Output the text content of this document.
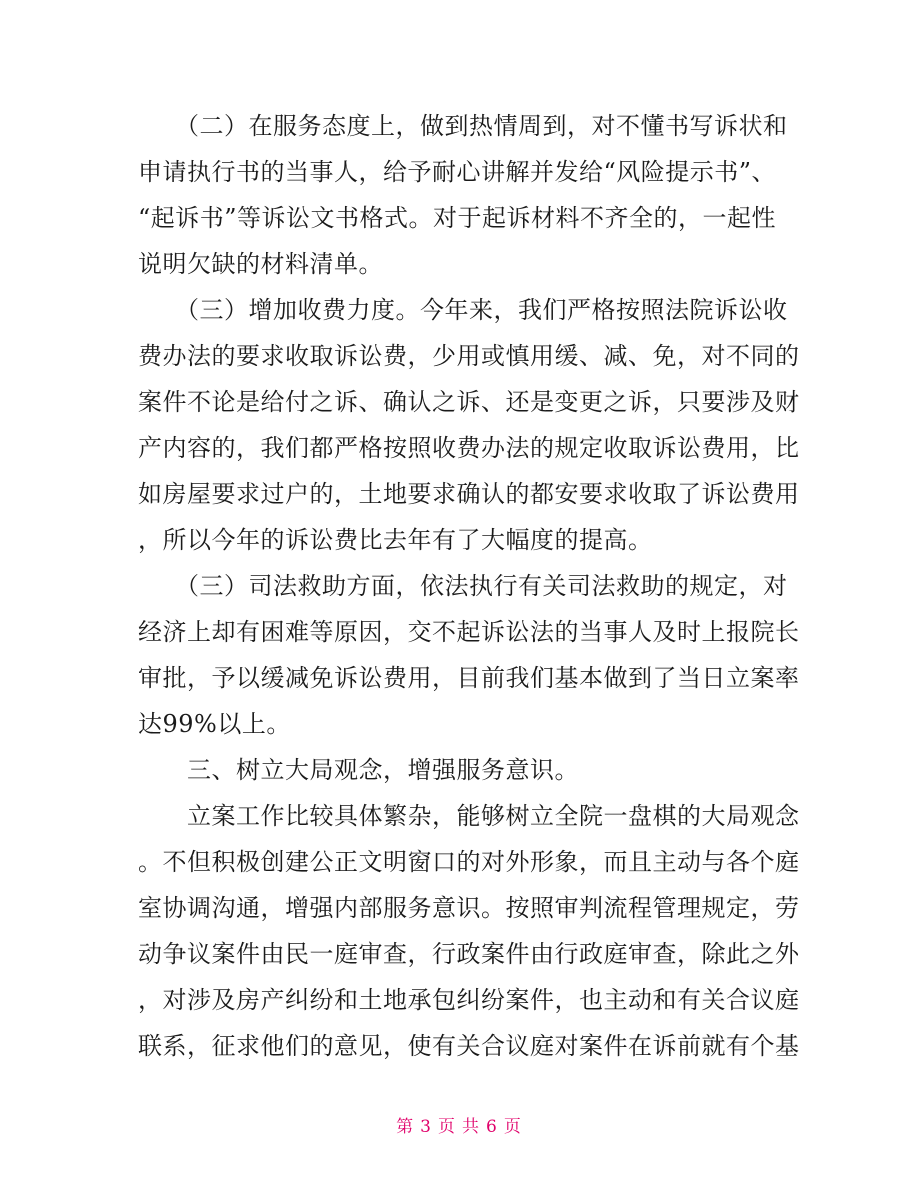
　　（二）在服务态度上，做到热情周到，对不懂书写诉状和
申请执行书的当事人，给予耐心讲解并发给“风险提示书”、
“起诉书”等诉讼文书格式。对于起诉材料不齐全的，一起性
说明欠缺的材料清单。
　　（三）增加收费力度。今年来，我们严格按照法院诉讼收
费办法的要求收取诉讼费，少用或慎用缓、减、免，对不同的
案件不论是给付之诉、确认之诉、还是变更之诉，只要涉及财
产内容的，我们都严格按照收费办法的规定收取诉讼费用，比
如房屋要求过户的，土地要求确认的都安要求收取了诉讼费用
，所以今年的诉讼费比去年有了大幅度的提高。
　　（三）司法救助方面，依法执行有关司法救助的规定，对
经济上却有困难等原因，交不起诉讼法的当事人及时上报院长
审批，予以缓减免诉讼费用，目前我们基本做到了当日立案率
达99%以上。
　　三、树立大局观念，增强服务意识。
　　立案工作比较具体繁杂，能够树立全院一盘棋的大局观念
。不但积极创建公正文明窗口的对外形象，而且主动与各个庭
室协调沟通，增强内部服务意识。按照审判流程管理规定，劳
动争议案件由民一庭审查，行政案件由行政庭审查，除此之外
，对涉及房产纠纷和土地承包纠纷案件，也主动和有关合议庭
联系，征求他们的意见，使有关合议庭对案件在诉前就有个基
第 3 页 共 6 页
